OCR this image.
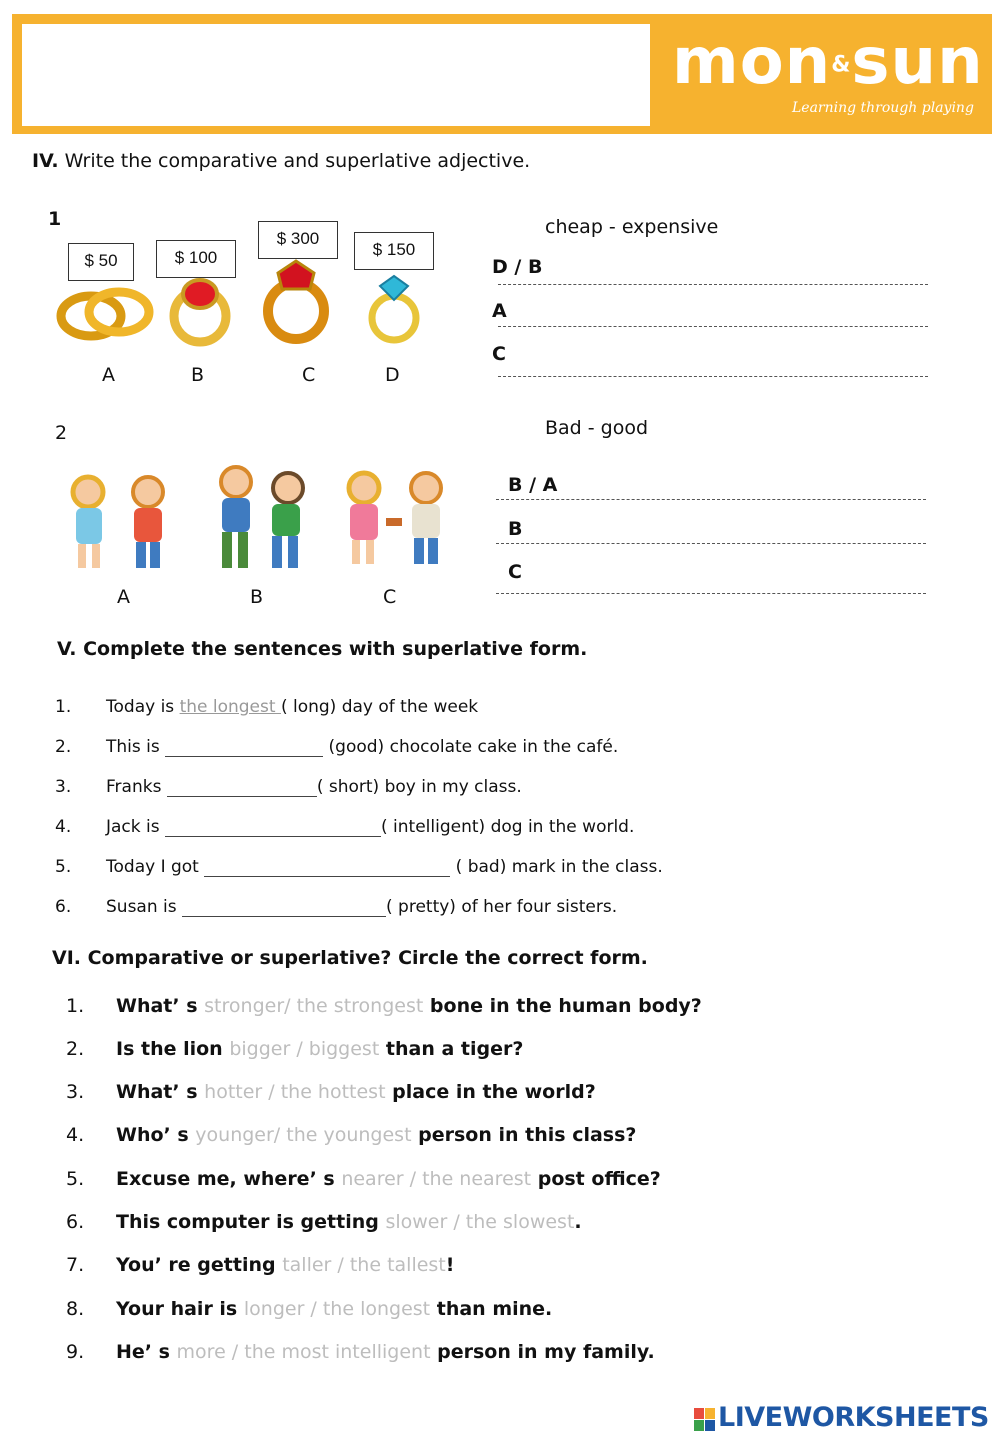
mon&sun
Learning through playing
IV. Write the comparative and superlative adjective.
1
$ 50	$ 100
$ 300
$ 150
A	B	C	D
cheap - expensive
D / B
A
C
2
A	B	C
Bad - good
B / A
B
C
V. Complete the sentences with superlative form.
1. Today is the longest ( long) day of the week
2. This is	(good) chocolate cake in the café.
3. Franks	( short) boy in my class.
4. Jack is	( intelligent) dog in the world.
5. Today I got	( bad) mark in the class.
6. Susan is	( pretty) of her four sisters.
VI. Comparative or superlative? Circle the correct form.
1. What’ s stronger/ the strongest bone in the human body?
2. Is the lion bigger / biggest than a tiger?
3. What’ s hotter / the hottest place in the world?
4. Who’ s younger/ the youngest person in this class?
5. Excuse me, where’ s nearer / the nearest post office?
6. This computer is getting slower / the slowest.
7. You’ re getting taller / the tallest!
8. Your hair is longer / the longest than mine.
9. He’ s more / the most intelligent person in my family.
LIVEWORKSHEETS
